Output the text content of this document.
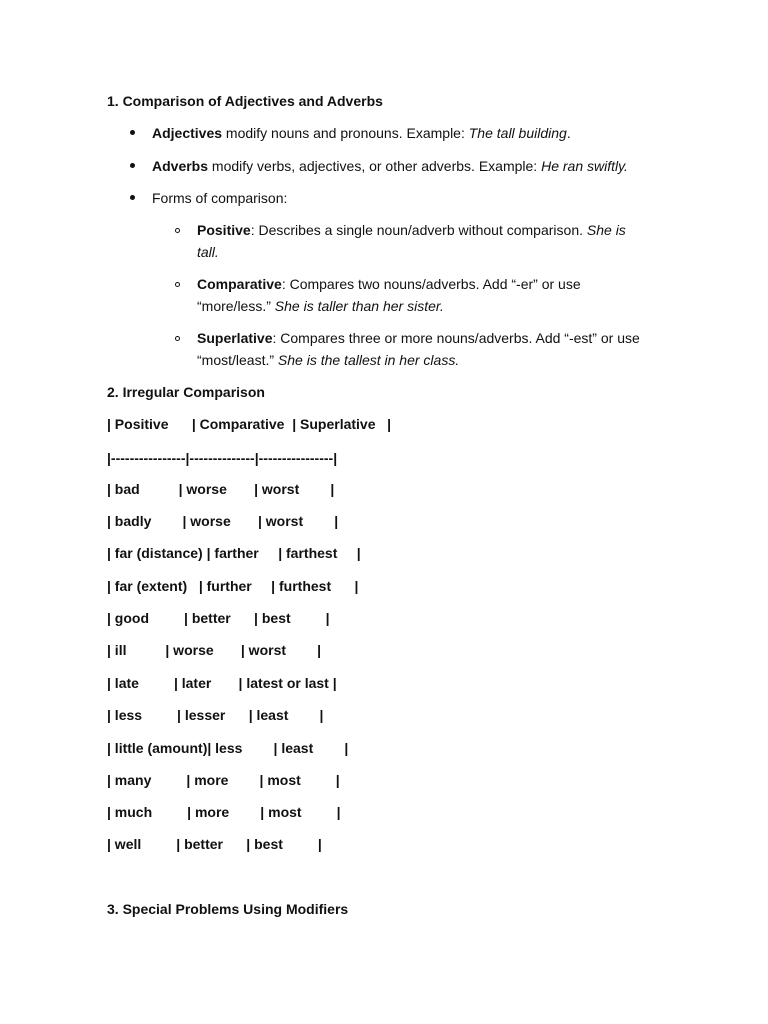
1. Comparison of Adjectives and Adverbs
Adjectives modify nouns and pronouns. Example: The tall building.
Adverbs modify verbs, adjectives, or other adverbs. Example: He ran swiftly.
Forms of comparison:
Positive: Describes a single noun/adverb without comparison. She is
tall.
Comparative: Compares two nouns/adverbs. Add “-er” or use
“more/less.” She is taller than her sister.
Superlative: Compares three or more nouns/adverbs. Add “-est” or use
“most/least.” She is the tallest in her class.
2. Irregular Comparison
| Positive      | Comparative  | Superlative   |
|----------------|--------------|----------------|
| bad          | worse       | worst        |
| badly        | worse       | worst        |
| far (distance) | farther     | farthest     |
| far (extent)   | further     | furthest      |
| good         | better      | best         |
| ill          | worse       | worst        |
| late         | later       | latest or last |
| less         | lesser      | least        |
| little (amount)| less        | least        |
| many         | more        | most         |
| much         | more        | most         |
| well         | better      | best         |
3. Special Problems Using Modifiers
